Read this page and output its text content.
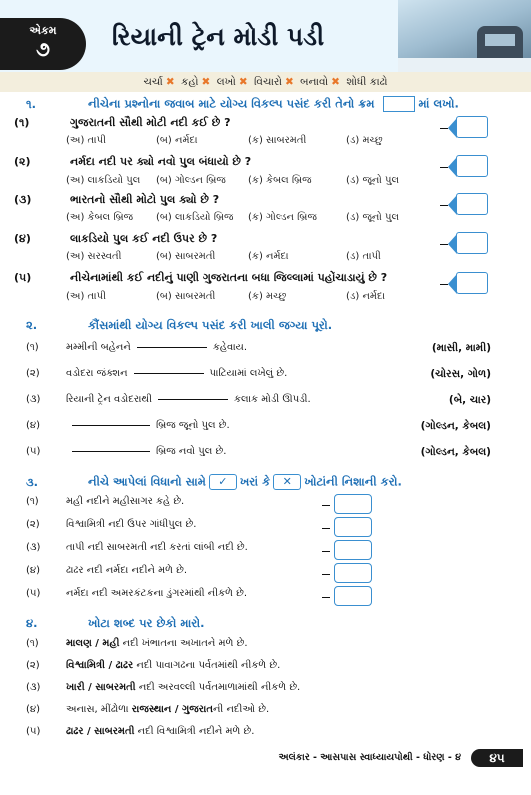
એકમ
૭	રિયાની ટ્રેન મોડી પડી
ચર્ચા ✖ કહો ✖ લખો ✖ વિચારો ✖ બનાવો ✖ શોધી કાઢો
૧.	નીચેના પ્રશ્નોના જવાબ માટે યોગ્ય વિકલ્પ પસંદ કરી તેનો ક્રમ	માં લખો.
(૧)	ગુજરાતની સૌથી મોટી નદી કઈ છે ?
(અ) તાપી	(બ) નર્મદા	(ક) સાબરમતી	(ડ) મચ્છુ
(૨)	નર્મદા નદી પર ક્યો નવો પુલ બંધાયો છે ?
(અ) લાકડિયો પુલ (બ) ગોલ્ડન બ્રિજ (ક) કેબલ બ્રિજ	(ડ) જૂનો પુલ
(૩)	ભારતનો સૌથી મોટો પુલ ક્યો છે ?
(અ) કેબલ બ્રિજ (બ) લાકડિયો બ્રિજ (ક) ગોલ્ડન બ્રિજ	(ડ) જૂનો પુલ
(૪)	લાકડિયો પુલ કઈ નદી ઉપર છે ?
(અ) સરસ્વતી	(બ) સાબરમતી	(ક) નર્મદા	(ડ) તાપી
(૫)	નીચેનામાંથી કઈ નદીનું પાણી ગુજરાતના બધા જિલ્લામાં પહોંચાડાયું છે ?
(અ) તાપી	(બ) સાબરમતી	(ક) મચ્છુ	(ડ) નર્મદા
૨.	કૌંસમાંથી યોગ્ય વિકલ્પ પસંદ કરી ખાલી જગ્યા પૂરો.
(૧)	મમ્મીની બહેનને	કહેવાય.	(માસી, મામી)
(૨)	વડોદરા જંક્શન	પાટિયામાં લખેલું છે.	(ચોરસ, ગોળ)
(૩)	રિયાની ટ્રેન વડોદરાથી	કલાક મોડી ઊપડી.	(બે, ચાર)
(૪)	બ્રિજ જૂનો પુલ છે.	(ગોલ્ડન, કેબલ)
(૫)	બ્રિજ નવો પુલ છે.	(ગોલ્ડન, કેબલ)
૩.	નીચે આપેલાં વિધાનો સામે ✓ ખરાં કે ✕ ખોટાંની નિશાની કરો.
(૧)	મહી નદીને મહીસાગર કહે છે.
(૨)	વિશ્વામિત્રી નદી ઉપર ગાંધીપુલ છે.
(૩)	તાપી નદી સાબરમતી નદી કરતાં લાંબી નદી છે.
(૪)	ઢાઢર નદી નર્મદા નદીને મળે છે.
(૫)	નર્મદા નદી અમરકંટકના ડુંગરમાંથી નીકળે છે.
૪.	ખોટા શબ્દ પર છેકો મારો.
(૧)	માલણ / મહી નદી ખંભાતના અખાતને મળે છે.
(૨)	વિશ્વામિત્રી / ઢાઢર નદી પાવાગઢના પર્વતમાંથી નીકળે છે.
(૩)	ખારી / સાબરમતી નદી અરવલ્લી પર્વતમાળામાંથી નીકળે છે.
(૪)	અનાસ, મીંઢોળા રાજસ્થાન / ગુજરાતની નદીઓ છે.
(૫)	ઢાઢર / સાબરમતી નદી વિશ્વામિત્રી નદીને મળે છે.
અલંકાર - આસપાસ સ્વાધ્યાયપોથી - ધોરણ - ૪	૪૫
